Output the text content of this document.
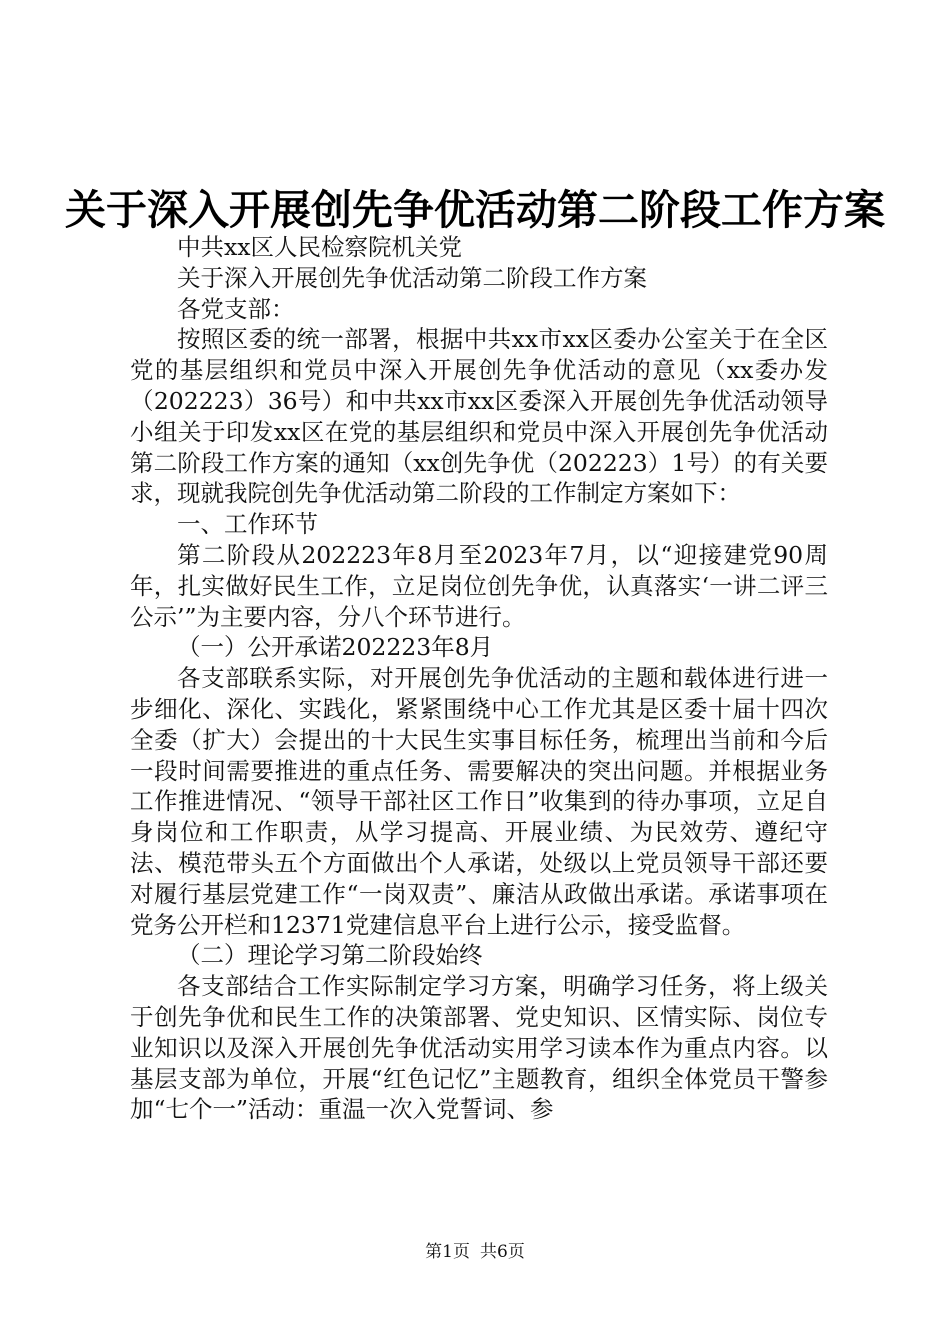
关于深入开展创先争优活动第二阶段工作方案

中共xx区人民检察院机关党

关于深入开展创先争优活动第二阶段工作方案

各党支部：

按照区委的统一部署，根据中共xx市xx区委办公室关于在全区党的基层组织和党员中深入开展创先争优活动的意见（xx委办发（202223）36号）和中共xx市xx区委深入开展创先争优活动领导小组关于印发xx区在党的基层组织和党员中深入开展创先争优活动第二阶段工作方案的通知（xx创先争优（202223）1号）的有关要求，现就我院创先争优活动第二阶段的工作制定方案如下：

一、工作环节

第二阶段从202223年8月至2023年7月，以“迎接建党90周年，扎实做好民生工作，立足岗位创先争优，认真落实‘一讲二评三公示’”为主要内容，分八个环节进行。

（一）公开承诺202223年8月

各支部联系实际，对开展创先争优活动的主题和载体进行进一步细化、深化、实践化，紧紧围绕中心工作尤其是区委十届十四次全委（扩大）会提出的十大民生实事目标任务，梳理出当前和今后一段时间需要推进的重点任务、需要解决的突出问题。并根据业务工作推进情况、“领导干部社区工作日”收集到的待办事项，立足自身岗位和工作职责，从学习提高、开展业绩、为民效劳、遵纪守法、模范带头五个方面做出个人承诺，处级以上党员领导干部还要对履行基层党建工作“一岗双责”、廉洁从政做出承诺。承诺事项在党务公开栏和12371党建信息平台上进行公示，接受监督。

（二）理论学习第二阶段始终

各支部结合工作实际制定学习方案，明确学习任务，将上级关于创先争优和民生工作的决策部署、党史知识、区情实际、岗位专业知识以及深入开展创先争优活动实用学习读本作为重点内容。以基层支部为单位，开展“红色记忆”主题教育，组织全体党员干警参加“七个一”活动：重温一次入党誓词、参

第1页 共6页
